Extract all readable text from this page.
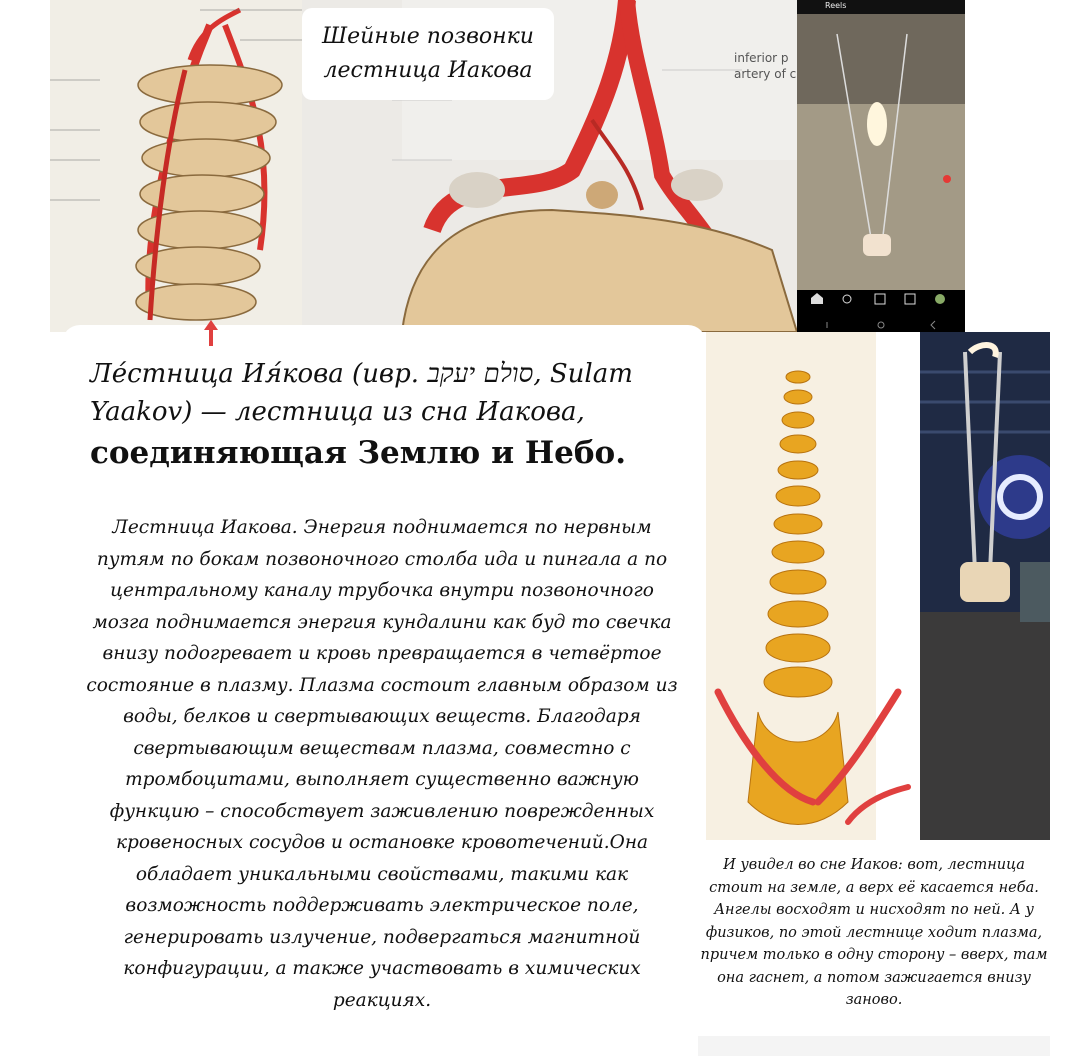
inferior p
artery of c
Шейные позвонки
лестница Иакова
Reels

Ле́стница Ия́кова (ивр. סולם יעקב, Sulam Yaakov) — лестница из сна Иакова,

соединяющая Землю и Небо.

Лестница Иакова. Энергия поднимается по нервным путям по бокам позвоночного столба ида и пингала а по центральному каналу трубочка внутри позвоночного мозга поднимается энергия кундалини как буд то свечка внизу подогревает и кровь превращается в четвёртое состояние в плазму. Плазма состоит главным образом из воды, белков и свертывающих веществ. Благодаря свертывающим веществам плазма, совместно с тромбоцитами, выполняет существенно важную функцию – способствует заживлению поврежденных кровеносных сосудов и остановке кровотечений.Она обладает уникальными свойствами, такими как возможность поддерживать электрическое поле, генерировать излучение, подвергаться магнитной конфигурации, а также участвовать в химических реакциях.
И увидел во сне Иаков: вот, лестница стоит на земле, а верх её касается неба. Ангелы восходят и нисходят по ней. А у физиков, по этой лестнице ходит плазма, причем только в одну сторону – вверх, там она гаснет, а потом зажигается внизу заново.
